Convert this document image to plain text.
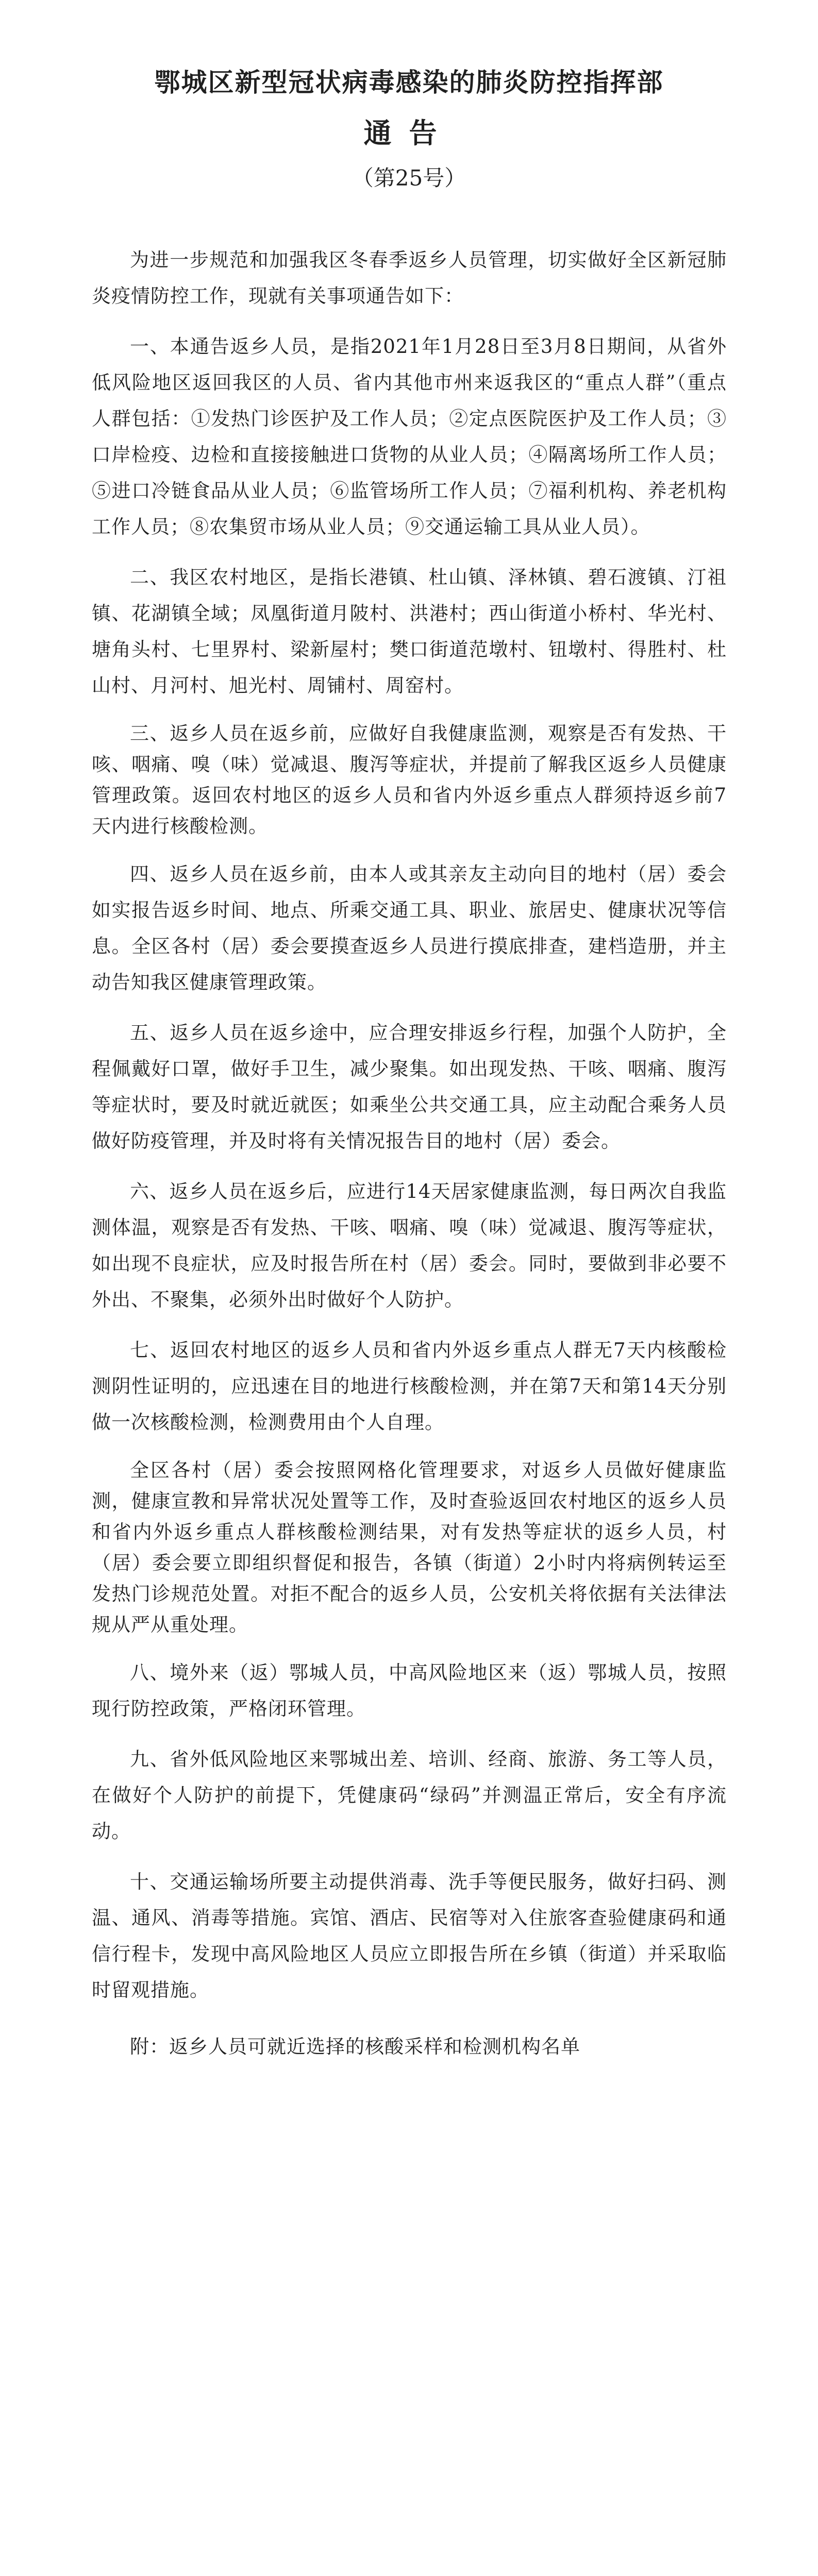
鄂城区新型冠状病毒感染的肺炎防控指挥部
通告
（第25号）

为进一步规范和加强我区冬春季返乡人员管理，切实做好全区新冠肺炎疫情防控工作，现就有关事项通告如下：

一、本通告返乡人员，是指2021年1月28日至3月8日期间，从省外低风险地区返回我区的人员、省内其他市州来返我区的“重点人群”（重点人群包括：①发热门诊医护及工作人员；②定点医院医护及工作人员；③口岸检疫、边检和直接接触进口货物的从业人员；④隔离场所工作人员；⑤进口冷链食品从业人员；⑥监管场所工作人员；⑦福利机构、养老机构工作人员；⑧农集贸市场从业人员；⑨交通运输工具从业人员）。

二、我区农村地区，是指长港镇、杜山镇、泽林镇、碧石渡镇、汀祖镇、花湖镇全域；凤凰街道月陂村、洪港村；西山街道小桥村、华光村、塘角头村、七里界村、梁新屋村；樊口街道范墩村、钮墩村、得胜村、杜山村、月河村、旭光村、周铺村、周窑村。

三、返乡人员在返乡前，应做好自我健康监测，观察是否有发热、干咳、咽痛、嗅（味）觉减退、腹泻等症状，并提前了解我区返乡人员健康管理政策。返回农村地区的返乡人员和省内外返乡重点人群须持返乡前7天内进行核酸检测。

四、返乡人员在返乡前，由本人或其亲友主动向目的地村（居）委会如实报告返乡时间、地点、所乘交通工具、职业、旅居史、健康状况等信息。全区各村（居）委会要摸查返乡人员进行摸底排查，建档造册，并主动告知我区健康管理政策。

五、返乡人员在返乡途中，应合理安排返乡行程，加强个人防护，全程佩戴好口罩，做好手卫生，减少聚集。如出现发热、干咳、咽痛、腹泻等症状时，要及时就近就医；如乘坐公共交通工具，应主动配合乘务人员做好防疫管理，并及时将有关情况报告目的地村（居）委会。

六、返乡人员在返乡后，应进行14天居家健康监测，每日两次自我监测体温，观察是否有发热、干咳、咽痛、嗅（味）觉减退、腹泻等症状，如出现不良症状，应及时报告所在村（居）委会。同时，要做到非必要不外出、不聚集，必须外出时做好个人防护。

七、返回农村地区的返乡人员和省内外返乡重点人群无7天内核酸检测阴性证明的，应迅速在目的地进行核酸检测，并在第7天和第14天分别做一次核酸检测，检测费用由个人自理。

全区各村（居）委会按照网格化管理要求，对返乡人员做好健康监测，健康宣教和异常状况处置等工作，及时查验返回农村地区的返乡人员和省内外返乡重点人群核酸检测结果，对有发热等症状的返乡人员，村（居）委会要立即组织督促和报告，各镇（街道）2小时内将病例转运至发热门诊规范处置。对拒不配合的返乡人员，公安机关将依据有关法律法规从严从重处理。

八、境外来（返）鄂城人员，中高风险地区来（返）鄂城人员，按照现行防控政策，严格闭环管理。

九、省外低风险地区来鄂城出差、培训、经商、旅游、务工等人员，在做好个人防护的前提下，凭健康码“绿码”并测温正常后，安全有序流动。

十、交通运输场所要主动提供消毒、洗手等便民服务，做好扫码、测温、通风、消毒等措施。宾馆、酒店、民宿等对入住旅客查验健康码和通信行程卡，发现中高风险地区人员应立即报告所在乡镇（街道）并采取临时留观措施。

附：返乡人员可就近选择的核酸采样和检测机构名单
